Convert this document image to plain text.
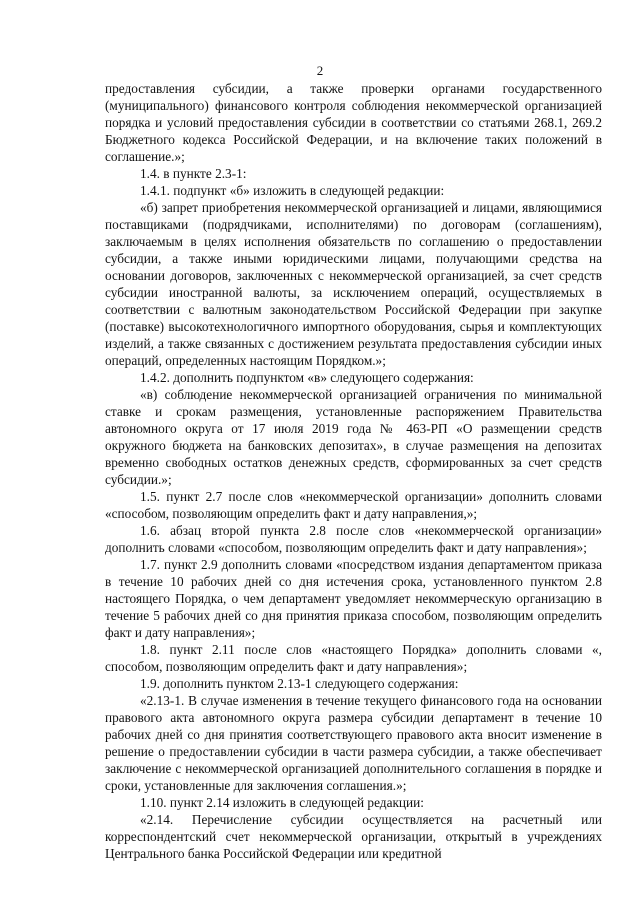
2

предоставления субсидии, а также проверки органами государственного (муниципального) финансового контроля соблюдения некоммерческой организацией порядка и условий предоставления субсидии в соответствии со статьями 268.1, 269.2 Бюджетного кодекса Российской Федерации, и на включение таких положений в соглашение.»;

1.4. в пункте 2.3-1:

1.4.1. подпункт «б» изложить в следующей редакции:

«б) запрет приобретения некоммерческой организацией и лицами, являющимися поставщиками (подрядчиками, исполнителями) по договорам (соглашениям), заключаемым в целях исполнения обязательств по соглашению о предоставлении субсидии, а также иными юридическими лицами, получающими средства на основании договоров, заключенных с некоммерческой организацией, за счет средств субсидии иностранной валюты, за исключением операций, осуществляемых в соответствии с валютным законодательством Российской Федерации при закупке (поставке) высокотехнологичного импортного оборудования, сырья и комплектующих изделий, а также связанных с достижением результата предоставления субсидии иных операций, определенных настоящим Порядком.»;

1.4.2. дополнить подпунктом «в» следующего содержания:

«в) соблюдение некоммерческой организацией ограничения по минимальной ставке и срокам размещения, установленные распоряжением Правительства автономного округа от 17 июля 2019 года № 463-РП «О размещении средств окружного бюджета на банковских депозитах», в случае размещения на депозитах временно свободных остатков денежных средств, сформированных за счет средств субсидии.»;

1.5. пункт 2.7 после слов «некоммерческой организации» дополнить словами «способом, позволяющим определить факт и дату направления,»;

1.6. абзац второй пункта 2.8 после слов «некоммерческой организации» дополнить словами «способом, позволяющим определить факт и дату направления»;

1.7. пункт 2.9 дополнить словами «посредством издания департаментом приказа в течение 10 рабочих дней со дня истечения срока, установленного пунктом 2.8 настоящего Порядка, о чем департамент уведомляет некоммерческую организацию в течение 5 рабочих дней со дня принятия приказа способом, позволяющим определить факт и дату направления»;

1.8. пункт 2.11 после слов «настоящего Порядка» дополнить словами «, способом, позволяющим определить факт и дату направления»;

1.9. дополнить пунктом 2.13-1 следующего содержания:

«2.13-1. В случае изменения в течение текущего финансового года на основании правового акта автономного округа размера субсидии департамент в течение 10 рабочих дней со дня принятия соответствующего правового акта вносит изменение в решение о предоставлении субсидии в части размера субсидии, а также обеспечивает заключение с некоммерческой организацией дополнительного соглашения в порядке и сроки, установленные для заключения соглашения.»;

1.10. пункт 2.14 изложить в следующей редакции:

«2.14. Перечисление субсидии осуществляется на расчетный или корреспондентский счет некоммерческой организации, открытый в учреждениях Центрального банка Российской Федерации или кредитной
